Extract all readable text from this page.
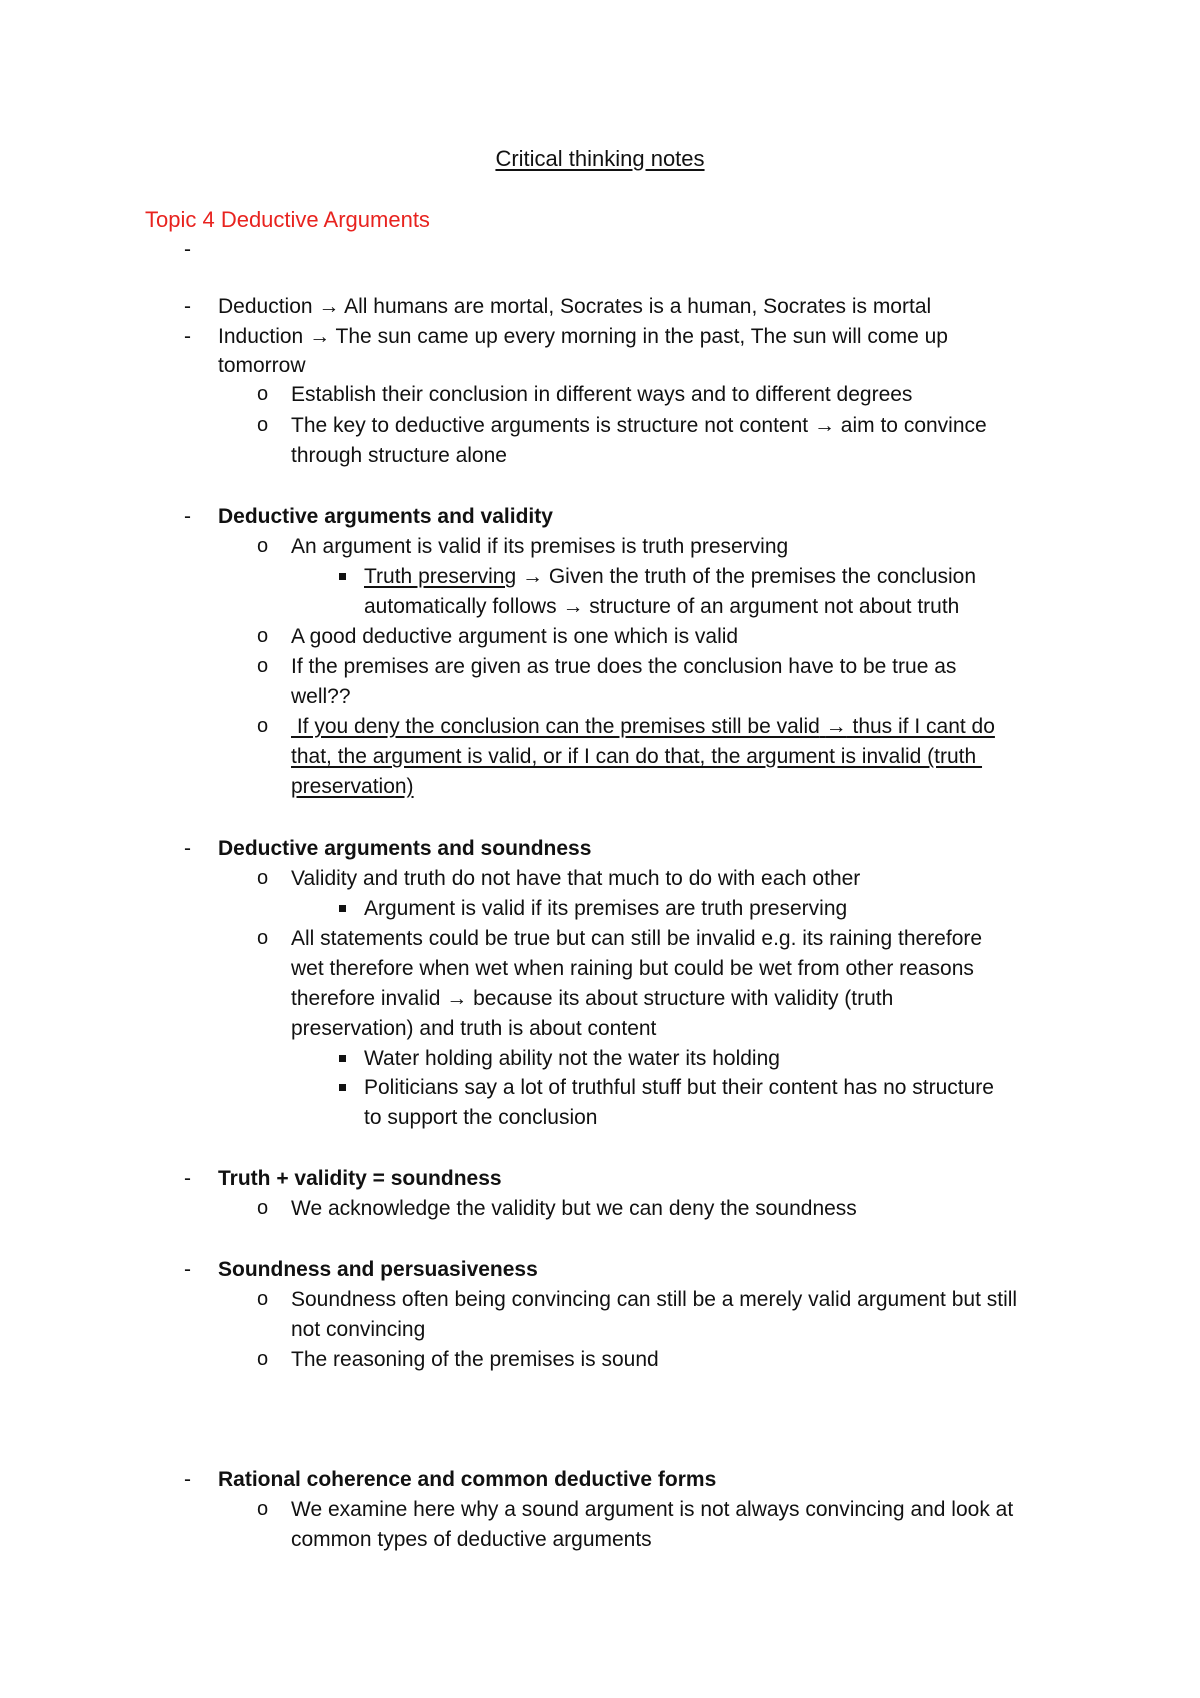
Critical thinking notes
Topic 4 Deductive Arguments
-
- Deduction → All humans are mortal, Socrates is a human, Socrates is mortal
- Induction → The sun came up every morning in the past, The sun will come up
tomorrow
o Establish their conclusion in different ways and to different degrees
o The key to deductive arguments is structure not content → aim to convince
through structure alone
- Deductive arguments and validity
o An argument is valid if its premises is truth preserving
Truth preserving → Given the truth of the premises the conclusion
automatically follows → structure of an argument not about truth
o A good deductive argument is one which is valid
o If the premises are given as true does the conclusion have to be true as
well??
o If you deny the conclusion can the premises still be valid → thus if I cant do
that, the argument is valid, or if I can do that, the argument is invalid (truth
preservation)
- Deductive arguments and soundness
o Validity and truth do not have that much to do with each other
Argument is valid if its premises are truth preserving
o All statements could be true but can still be invalid e.g. its raining therefore
wet therefore when wet when raining but could be wet from other reasons
therefore invalid → because its about structure with validity (truth
preservation) and truth is about content
Water holding ability not the water its holding
Politicians say a lot of truthful stuff but their content has no structure
to support the conclusion
- Truth + validity = soundness
o We acknowledge the validity but we can deny the soundness
- Soundness and persuasiveness
o Soundness often being convincing can still be a merely valid argument but still
not convincing
o The reasoning of the premises is sound
- Rational coherence and common deductive forms
o We examine here why a sound argument is not always convincing and look at
common types of deductive arguments
